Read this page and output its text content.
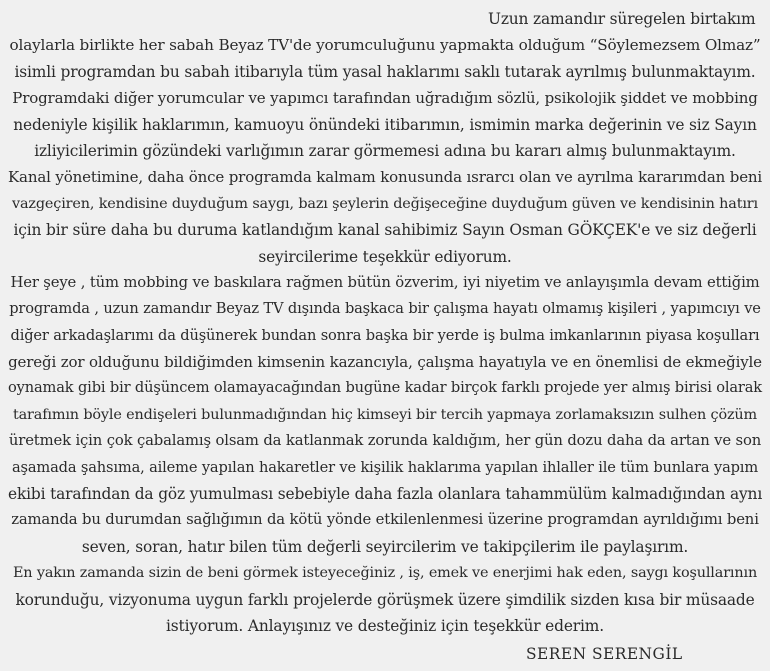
Uzun zamandır süregelen birtakım
olaylarla birlikte her sabah Beyaz TV'de yorumculuğunu yapmakta olduğum “Söylemezsem Olmaz”
isimli programdan bu sabah itibarıyla tüm yasal haklarımı saklı tutarak ayrılmış bulunmaktayım.
Programdaki diğer yorumcular ve yapımcı tarafından uğradığım sözlü, psikolojik şiddet ve mobbing
nedeniyle kişilik haklarımın, kamuoyu önündeki itibarımın, ismimin marka değerinin ve siz Sayın
izliyicilerimin gözündeki varlığımın zarar görmemesi adına bu kararı almış bulunmaktayım.
Kanal yönetimine, daha önce programda kalmam konusunda ısrarcı olan ve ayrılma kararımdan beni
vazgeçiren, kendisine duyduğum saygı, bazı şeylerin değişeceğine duyduğum güven ve kendisinin hatırı
için bir süre daha bu duruma katlandığım kanal sahibimiz Sayın Osman GÖKÇEK'e ve siz değerli
seyircilerime teşekkür ediyorum.
Her şeye , tüm mobbing ve baskılara rağmen bütün özverim, iyi niyetim ve anlayışımla devam ettiğim
programda , uzun zamandır Beyaz TV dışında başkaca bir çalışma hayatı olmamış kişileri , yapımcıyı ve
diğer arkadaşlarımı da düşünerek bundan sonra başka bir yerde iş bulma imkanlarının piyasa koşulları
gereği zor olduğunu bildiğimden kimsenin kazancıyla, çalışma hayatıyla ve en önemlisi de ekmeğiyle
oynamak gibi bir düşüncem olamayacağından bugüne kadar birçok farklı projede yer almış birisi olarak
tarafımın böyle endişeleri bulunmadığından hiç kimseyi bir tercih yapmaya zorlamaksızın sulhen çözüm
üretmek için çok çabalamış olsam da katlanmak zorunda kaldığım, her gün dozu daha da artan ve son
aşamada şahsıma, aileme yapılan hakaretler ve kişilik haklarıma yapılan ihlaller ile tüm bunlara yapım
ekibi tarafından da göz yumulması sebebiyle daha fazla olanlara tahammülüm kalmadığından aynı
zamanda bu durumdan sağlığımın da kötü yönde etkilenlenmesi üzerine programdan ayrıldığımı beni
seven, soran, hatır bilen tüm değerli seyircilerim ve takipçilerim ile paylaşırım.
En yakın zamanda sizin de beni görmek isteyeceğiniz , iş, emek ve enerjimi hak eden, saygı koşullarının
korunduğu, vizyonuma uygun farklı projelerde görüşmek üzere şimdilik sizden kısa bir müsaade
istiyorum. Anlayışınız ve desteğiniz için teşekkür ederim.
SEREN SERENGİL
